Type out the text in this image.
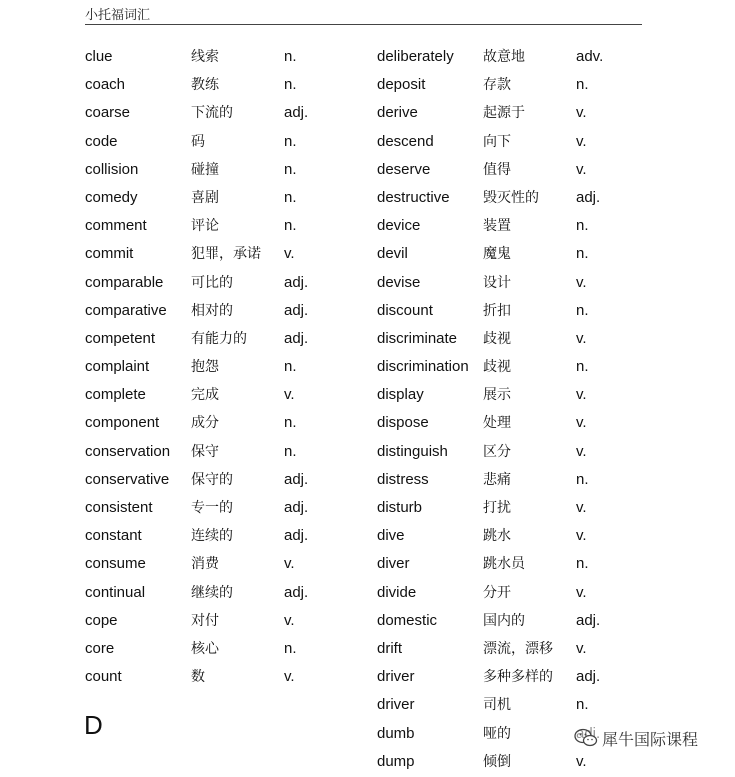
小托福词汇
clue	线索	n.
coach	教练	n.
coarse	下流的	adj.
code	码	n.
collision	碰撞	n.
comedy	喜剧	n.
comment	评论	n.
commit	犯罪，承诺 v.
comparable 可比的	adj.
comparative 相对的	adj.
competent	有能力的 adj.
complaint	抱怨	n.
complete	完成	v.
component 成分	n.
conservation 保守	n.
conservative 保守的	adj.
consistent	专一的	adj.
constant	连续的	adj.
consume	消费	v.
continual	继续的	adj.
cope	对付	v.
core	核心	n.
count	数	v.
deliberately 故意地	adv.
deposit	存款	n.
derive	起源于	v.
descend	向下	v.
deserve	值得	v.
destructive 毁灭性的 adj.
device	装置	n.
devil	魔鬼	n.
devise	设计	v.
discount	折扣	n.
discriminate 歧视	v.
discrimination 歧视	n.
display	展示	v.
dispose	处理	v.
distinguish	区分	v.
distress	悲痛	n.
disturb	打扰	v.
dive	跳水	v.
diver	跳水员	n.
divide	分开	v.
domestic	国内的	adj.
drift	漂流，漂移 v.
driver	多种多样的 adj.
driver	司机	n.
dumb	哑的
dump	倾倒	v.
D	犀牛国际课程
